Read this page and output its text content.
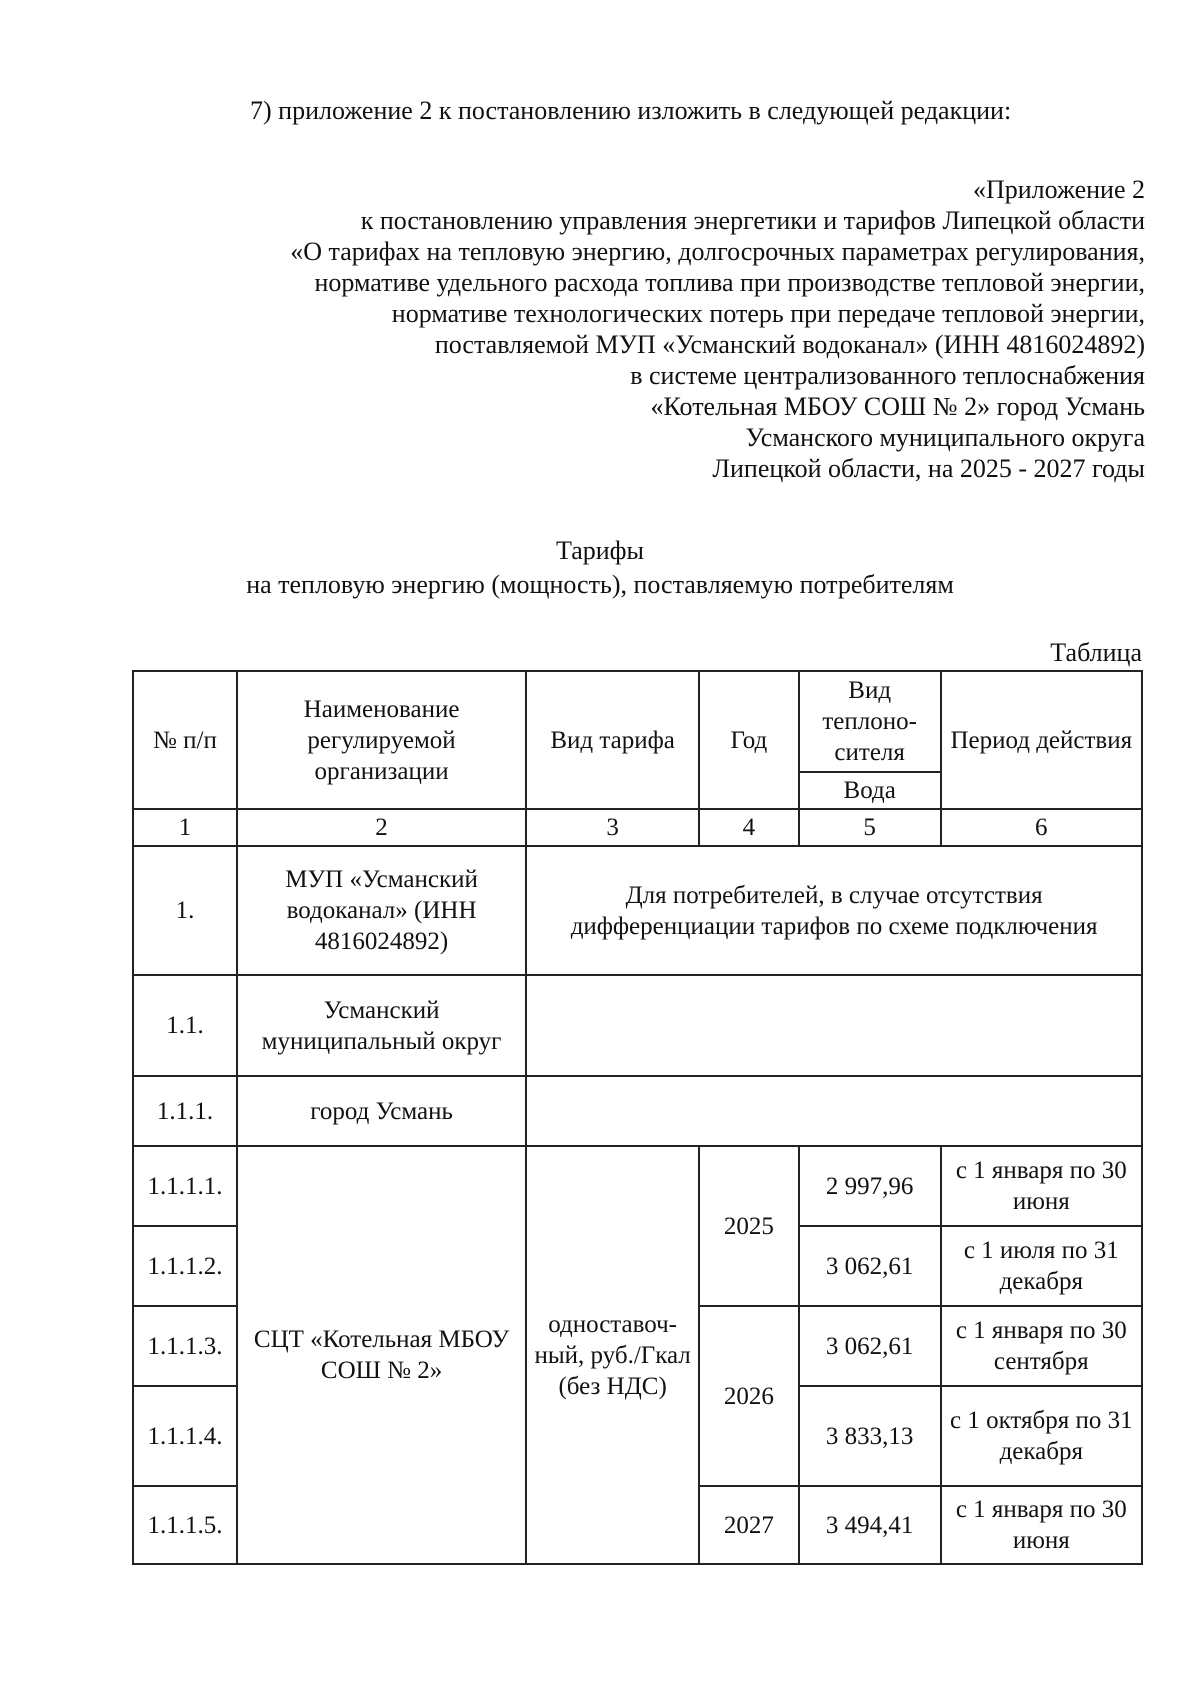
7) приложение 2 к постановлению изложить в следующей редакции:
«Приложение 2
к постановлению управления энергетики и тарифов Липецкой области
«О тарифах на тепловую энергию, долгосрочных параметрах регулирования,
нормативе удельного расхода топлива при производстве тепловой энергии,
нормативе технологических потерь при передаче тепловой энергии,
поставляемой МУП «Усманский водоканал» (ИНН 4816024892)
в системе централизованного теплоснабжения
«Котельная МБОУ СОШ № 2» город Усмань
Усманского муниципального округа
Липецкой области, на 2025 - 2027 годы
Тарифы
на тепловую энергию (мощность), поставляемую потребителям
Таблица
№ п/п	Наименование регулируемой организации	Вид тарифа	Год	Вид теплоно-сителя	Период действия
				Вода	
1	2	3	4	5	6
1.	МУП «Усманский водоканал» (ИНН 4816024892)	Для потребителей, в случае отсутствия дифференциации тарифов по схеме подключения			
1.1.	Усманский муниципальный округ				
1.1.1.	город Усмань				
1.1.1.1.	СЦТ «Котельная МБОУ СОШ № 2»	одноставоч-ный, руб./Гкал (без НДС)	2025	2 997,96	с 1 января по 30 июня
1.1.1.2.				3 062,61	с 1 июля по 31 декабря
1.1.1.3.			2026	3 062,61	с 1 января по 30 сентября
1.1.1.4.				3 833,13	с 1 октября по 31 декабря
1.1.1.5.			2027	3 494,41	с 1 января по 30 июня
